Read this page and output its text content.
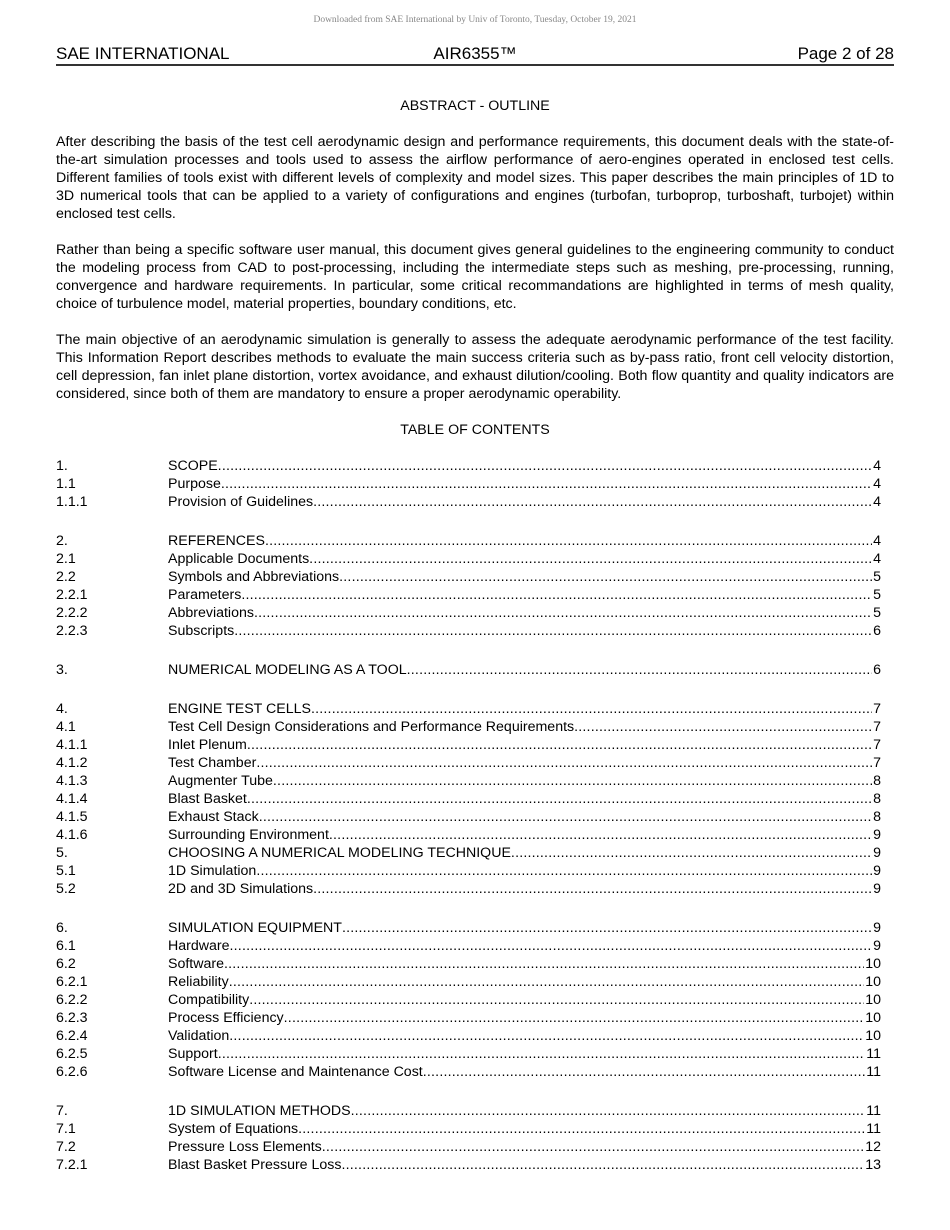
Downloaded from SAE International by Univ of Toronto, Tuesday, October 19, 2021
SAE INTERNATIONAL	AIR6355™	Page 2 of 28
ABSTRACT - OUTLINE

After describing the basis of the test cell aerodynamic design and performance requirements, this document deals with the state-of-the-art simulation processes and tools used to assess the airflow performance of aero-engines operated in enclosed test cells. Different families of tools exist with different levels of complexity and model sizes. This paper describes the main principles of 1D to 3D numerical tools that can be applied to a variety of configurations and engines (turbofan, turboprop, turboshaft, turbojet) within enclosed test cells.

Rather than being a specific software user manual, this document gives general guidelines to the engineering community to conduct the modeling process from CAD to post-processing, including the intermediate steps such as meshing, pre-processing, running, convergence and hardware requirements. In particular, some critical recommandations are highlighted in terms of mesh quality, choice of turbulence model, material properties, boundary conditions, etc.

The main objective of an aerodynamic simulation is generally to assess the adequate aerodynamic performance of the test facility. This Information Report describes methods to evaluate the main success criteria such as by-pass ratio, front cell velocity distortion, cell depression, fan inlet plane distortion, vortex avoidance, and exhaust dilution/cooling. Both flow quantity and quality indicators are considered, since both of them are mandatory to ensure a proper aerodynamic operability.

TABLE OF CONTENTS
1.	SCOPE .....	4
1.1	Purpose .....	4
1.1.1	Provision of Guidelines .....	4
2.	REFERENCES .....	4
2.1	Applicable Documents .....	4
2.2	Symbols and Abbreviations .....	5
2.2.1	Parameters .....	5
2.2.2	Abbreviations .....	5
2.2.3	Subscripts .....	6
3.	NUMERICAL MODELING AS A TOOL .....	6
4.	ENGINE TEST CELLS .....	7
4.1	Test Cell Design Considerations and Performance Requirements .....	7
4.1.1	Inlet Plenum .....	7
4.1.2	Test Chamber .....	7
4.1.3	Augmenter Tube .....	8
4.1.4	Blast Basket .....	8
4.1.5	Exhaust Stack .....	8
4.1.6	Surrounding Environment .....	9
5.	CHOOSING A NUMERICAL MODELING TECHNIQUE .....	9
5.1	1D Simulation .....	9
5.2	2D and 3D Simulations .....	9
6.	SIMULATION EQUIPMENT .....	9
6.1	Hardware .....	9
6.2	Software .....	10
6.2.1	Reliability .....	10
6.2.2	Compatibility .....	10
6.2.3	Process Efficiency .....	10
6.2.4	Validation .....	10
6.2.5	Support .....	11
6.2.6	Software License and Maintenance Cost .....	11
7.	1D SIMULATION METHODS .....	11
7.1	System of Equations .....	11
7.2	Pressure Loss Elements .....	12
7.2.1	Blast Basket Pressure Loss .....	13
